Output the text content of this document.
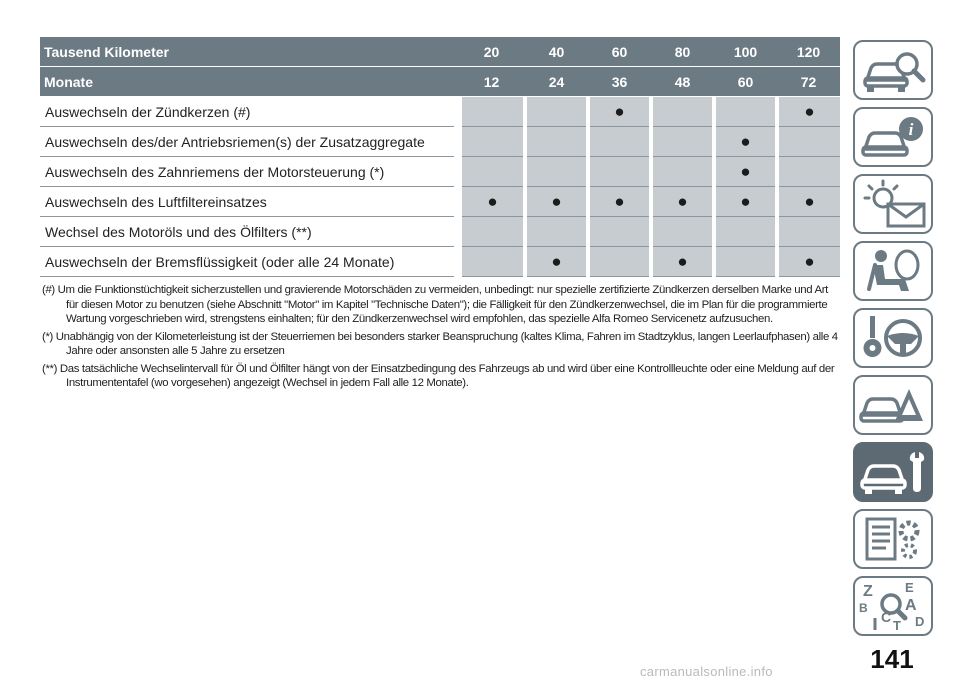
Tausend Kilometer	20	40	60	80	100	120
Monate	12	24	36	48	60	72
Auswechseln der Zündkerzen (#)			●			●
Auswechseln des/der Antriebsriemen(s) der Zusatzaggregate					●	
Auswechseln des Zahnriemens der Motorsteuerung (*)					●	
Auswechseln des Luftfiltereinsatzes	●	●	●	●	●	●
Wechsel des Motoröls und des Ölfilters (**)						
Auswechseln der Bremsflüssigkeit (oder alle 24 Monate)		●		●		●

(#) Um die Funktionstüchtigkeit sicherzustellen und gravierende Motorschäden zu vermeiden, unbedingt: nur spezielle zertifizierte Zündkerzen derselben Marke und Art für diesen Motor zu benutzen (siehe Abschnitt "Motor" im Kapitel "Technische Daten"); die Fälligkeit für den Zündkerzenwechsel, die im Plan für die programmierte Wartung vorgeschrieben wird, strengstens einhalten; für den Zündkerzenwechsel wird empfohlen, das spezielle Alfa Romeo Servicenetz aufzusuchen.

(*) Unabhängig von der Kilometerleistung ist der Steuerriemen bei besonders starker Beanspruchung (kaltes Klima, Fahren im Stadtzyklus, langen Leerlaufphasen) alle 4 Jahre oder ansonsten alle 5 Jahre zu ersetzen

(**) Das tatsächliche Wechselintervall für Öl und Ölfilter hängt von der Einsatzbedingung des Fahrzeugs ab und wird über eine Kontrollleuchte oder eine Meldung auf der Instrumententafel (wo vorgesehen) angezeigt (Wechsel in jedem Fall alle 12 Monate).

i
Z E
A
B
C
T D
141
carmanualsonline.info
